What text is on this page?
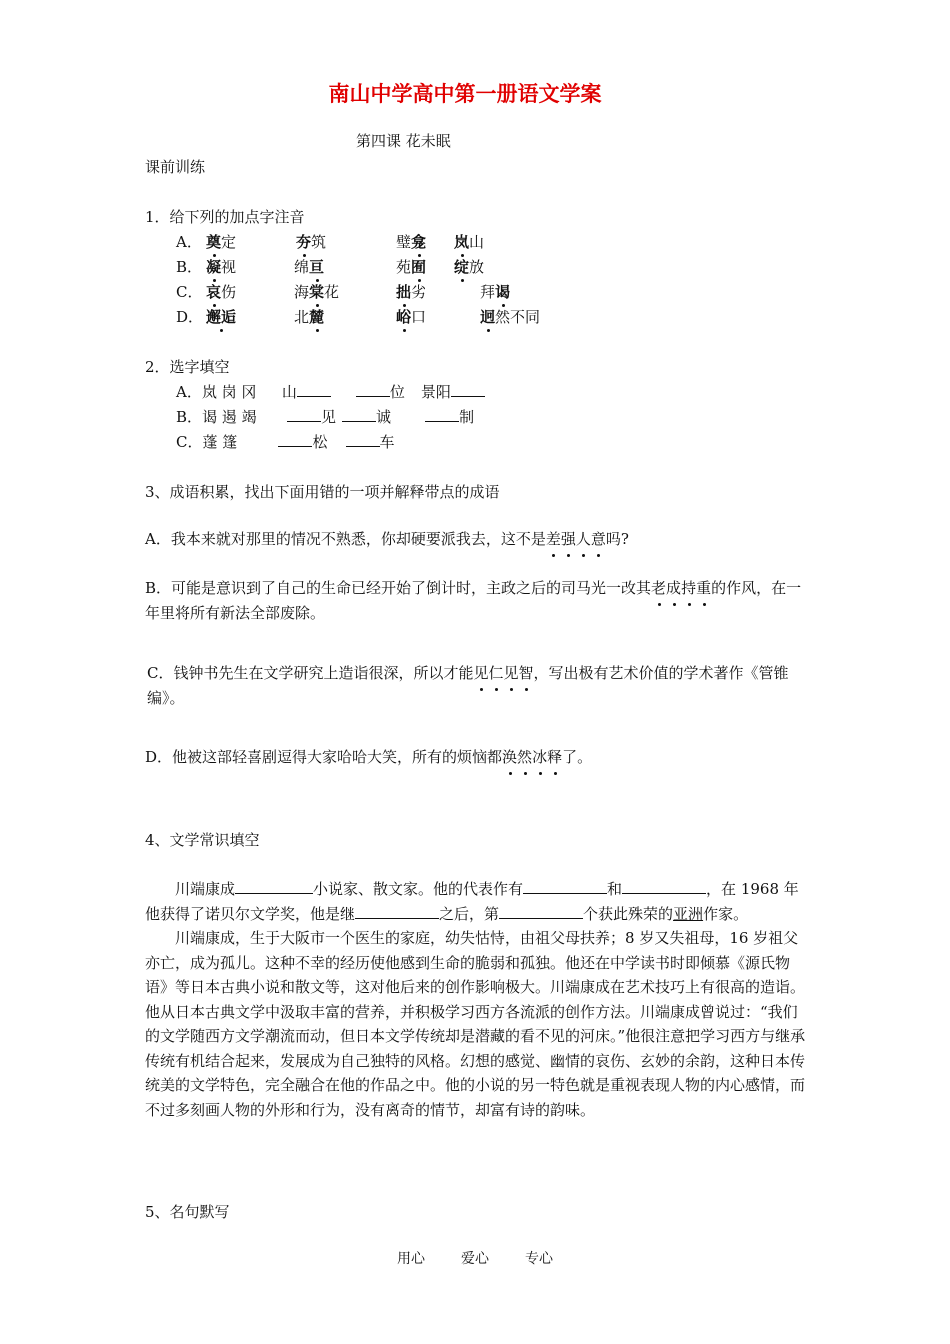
南山中学高中第一册语文学案
第四课 花未眠
课前训练
1．给下列的加点字注音
A． 奠定	夯筑	璧龛 岚山
B． 凝视	绵亘	苑囿 绽放
C． 哀伤	海棠花	拙劣	拜谒
D． 邂逅	北麓	峪口	迥然不同
2．选字填空
A．岚 岗 冈 山	位 景阳
B．谒 遏 竭	见	诚	制
C．蓬 篷	松	车
3、成语积累，找出下面用错的一项并解释带点的成语
A．我本来就对那里的情况不熟悉，你却硬要派我去，这不是差强人意吗?
B．可能是意识到了自己的生命已经开始了倒计时，主政之后的司马光一改其老成持重的作风，在一年里将所有新法全部废除。
C．钱钟书先生在文学研究上造诣很深，所以才能见仁见智，写出极有艺术价值的学术著作《管锥编》。
D．他被这部轻喜剧逗得大家哈哈大笑，所有的烦恼都涣然冰释了。
4、文学常识填空
川端康成	小说家、散文家。他的代表作有	和	，在 1968 年他获得了诺贝尔文学奖，他是继	之后，第	个获此殊荣的亚洲作家。
川端康成，生于大阪市一个医生的家庭，幼失怙恃，由祖父母扶养；8 岁又失祖母，16 岁祖父亦亡，成为孤儿。这种不幸的经历使他感到生命的脆弱和孤独。他还在中学读书时即倾慕《源氏物语》等日本古典小说和散文等，这对他后来的创作影响极大。川端康成在艺术技巧上有很高的造诣。他从日本古典文学中汲取丰富的营养，并积极学习西方各流派的创作方法。川端康成曾说过：“我们的文学随西方文学潮流而动，但日本文学传统却是潜藏的看不见的河床。”他很注意把学习西方与继承传统有机结合起来，发展成为自己独特的风格。幻想的感觉、幽情的哀伤、玄妙的余韵，这种日本传统美的文学特色，完全融合在他的作品之中。他的小说的另一特色就是重视表现人物的内心感情，而不过多刻画人物的外形和行为，没有离奇的情节，却富有诗的韵味。
5、名句默写
用心	爱心	专心
